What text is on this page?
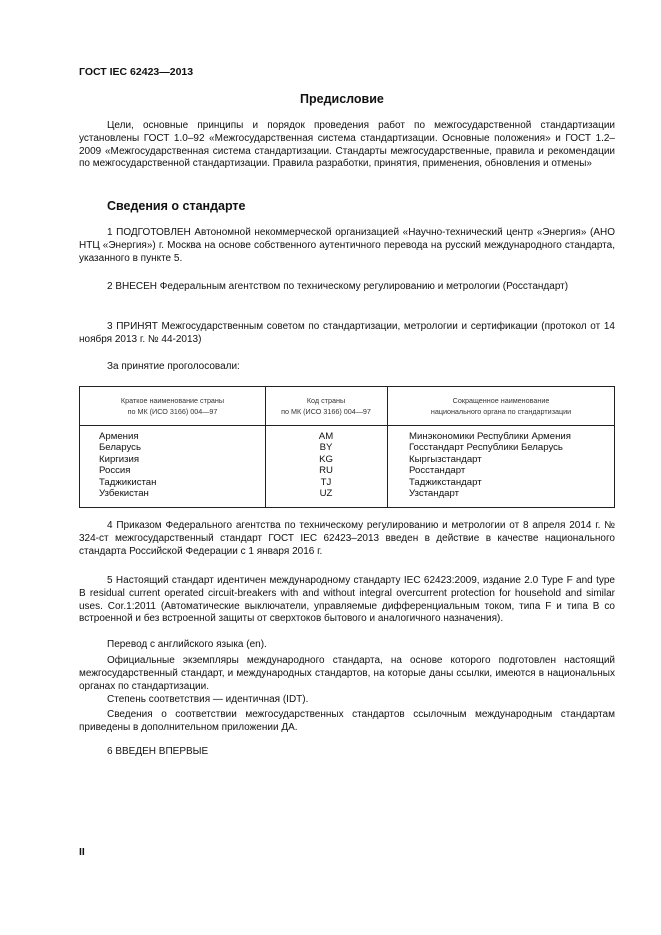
ГОСТ IEC 62423—2013
Предисловие

Цели, основные принципы и порядок проведения работ по межгосударственной стандартизации установлены ГОСТ 1.0–92 «Межгосударственная система стандартизации. Основные положения» и ГОСТ 1.2–2009 «Межгосударственная система стандартизации. Стандарты межгосударственные, правила и рекомендации по межгосударственной стандартизации. Правила разработки, принятия, применения, обновления и отмены»

Сведения о стандарте

1 ПОДГОТОВЛЕН Автономной некоммерческой организацией «Научно-технический центр «Энергия» (АНО НТЦ «Энергия») г. Москва на основе собственного аутентичного перевода на русский международного стандарта, указанного в пункте 5.

2 ВНЕСЕН Федеральным агентством по техническому регулированию и метрологии (Росстандарт)

3 ПРИНЯТ Межгосударственным советом по стандартизации, метрологии и сертификации (протокол от 14 ноября 2013 г. № 44-2013)

За принятие проголосовали:

Краткое наименование страны
по МК (ИСО 3166) 004—97
Код страны
по МК (ИСО 3166) 004—97
Сокращенное наименование
национального органа по стандартизации
Армения
Беларусь
Киргизия
Россия
Таджикистан
Узбекистан
AM
BY
KG
RU
TJ
UZ
Минэкономики Республики Армения
Госстандарт Республики Беларусь
Кыргызстандарт
Росстандарт
Таджикстандарт
Узстандарт

4 Приказом Федерального агентства по техническому регулированию и метрологии от 8 апреля 2014 г. № 324-ст межгосударственный стандарт ГОСТ IEC 62423–2013 введен в действие в качестве национального стандарта Российской Федерации с 1 января 2016 г.

5 Настоящий стандарт идентичен международному стандарту IEC 62423:2009, издание 2.0 Type F and type B residual current operated circuit-breakers with and without integral overcurrent protection for household and similar uses. Cor.1:2011 (Автоматические выключатели, управляемые дифференциальным током, типа F и типа B со встроенной и без встроенной защиты от сверхтоков бытового и аналогичного назначения).

Перевод с английского языка (en).

Официальные экземпляры международного стандарта, на основе которого подготовлен настоящий межгосударственный стандарт, и международных стандартов, на которые даны ссылки, имеются в национальных органах по стандартизации.

Степень соответствия — идентичная (IDT).

Сведения о соответствии межгосударственных стандартов ссылочным международным стандартам приведены в дополнительном приложении ДА.

6 ВВЕДЕН ВПЕРВЫЕ

II
